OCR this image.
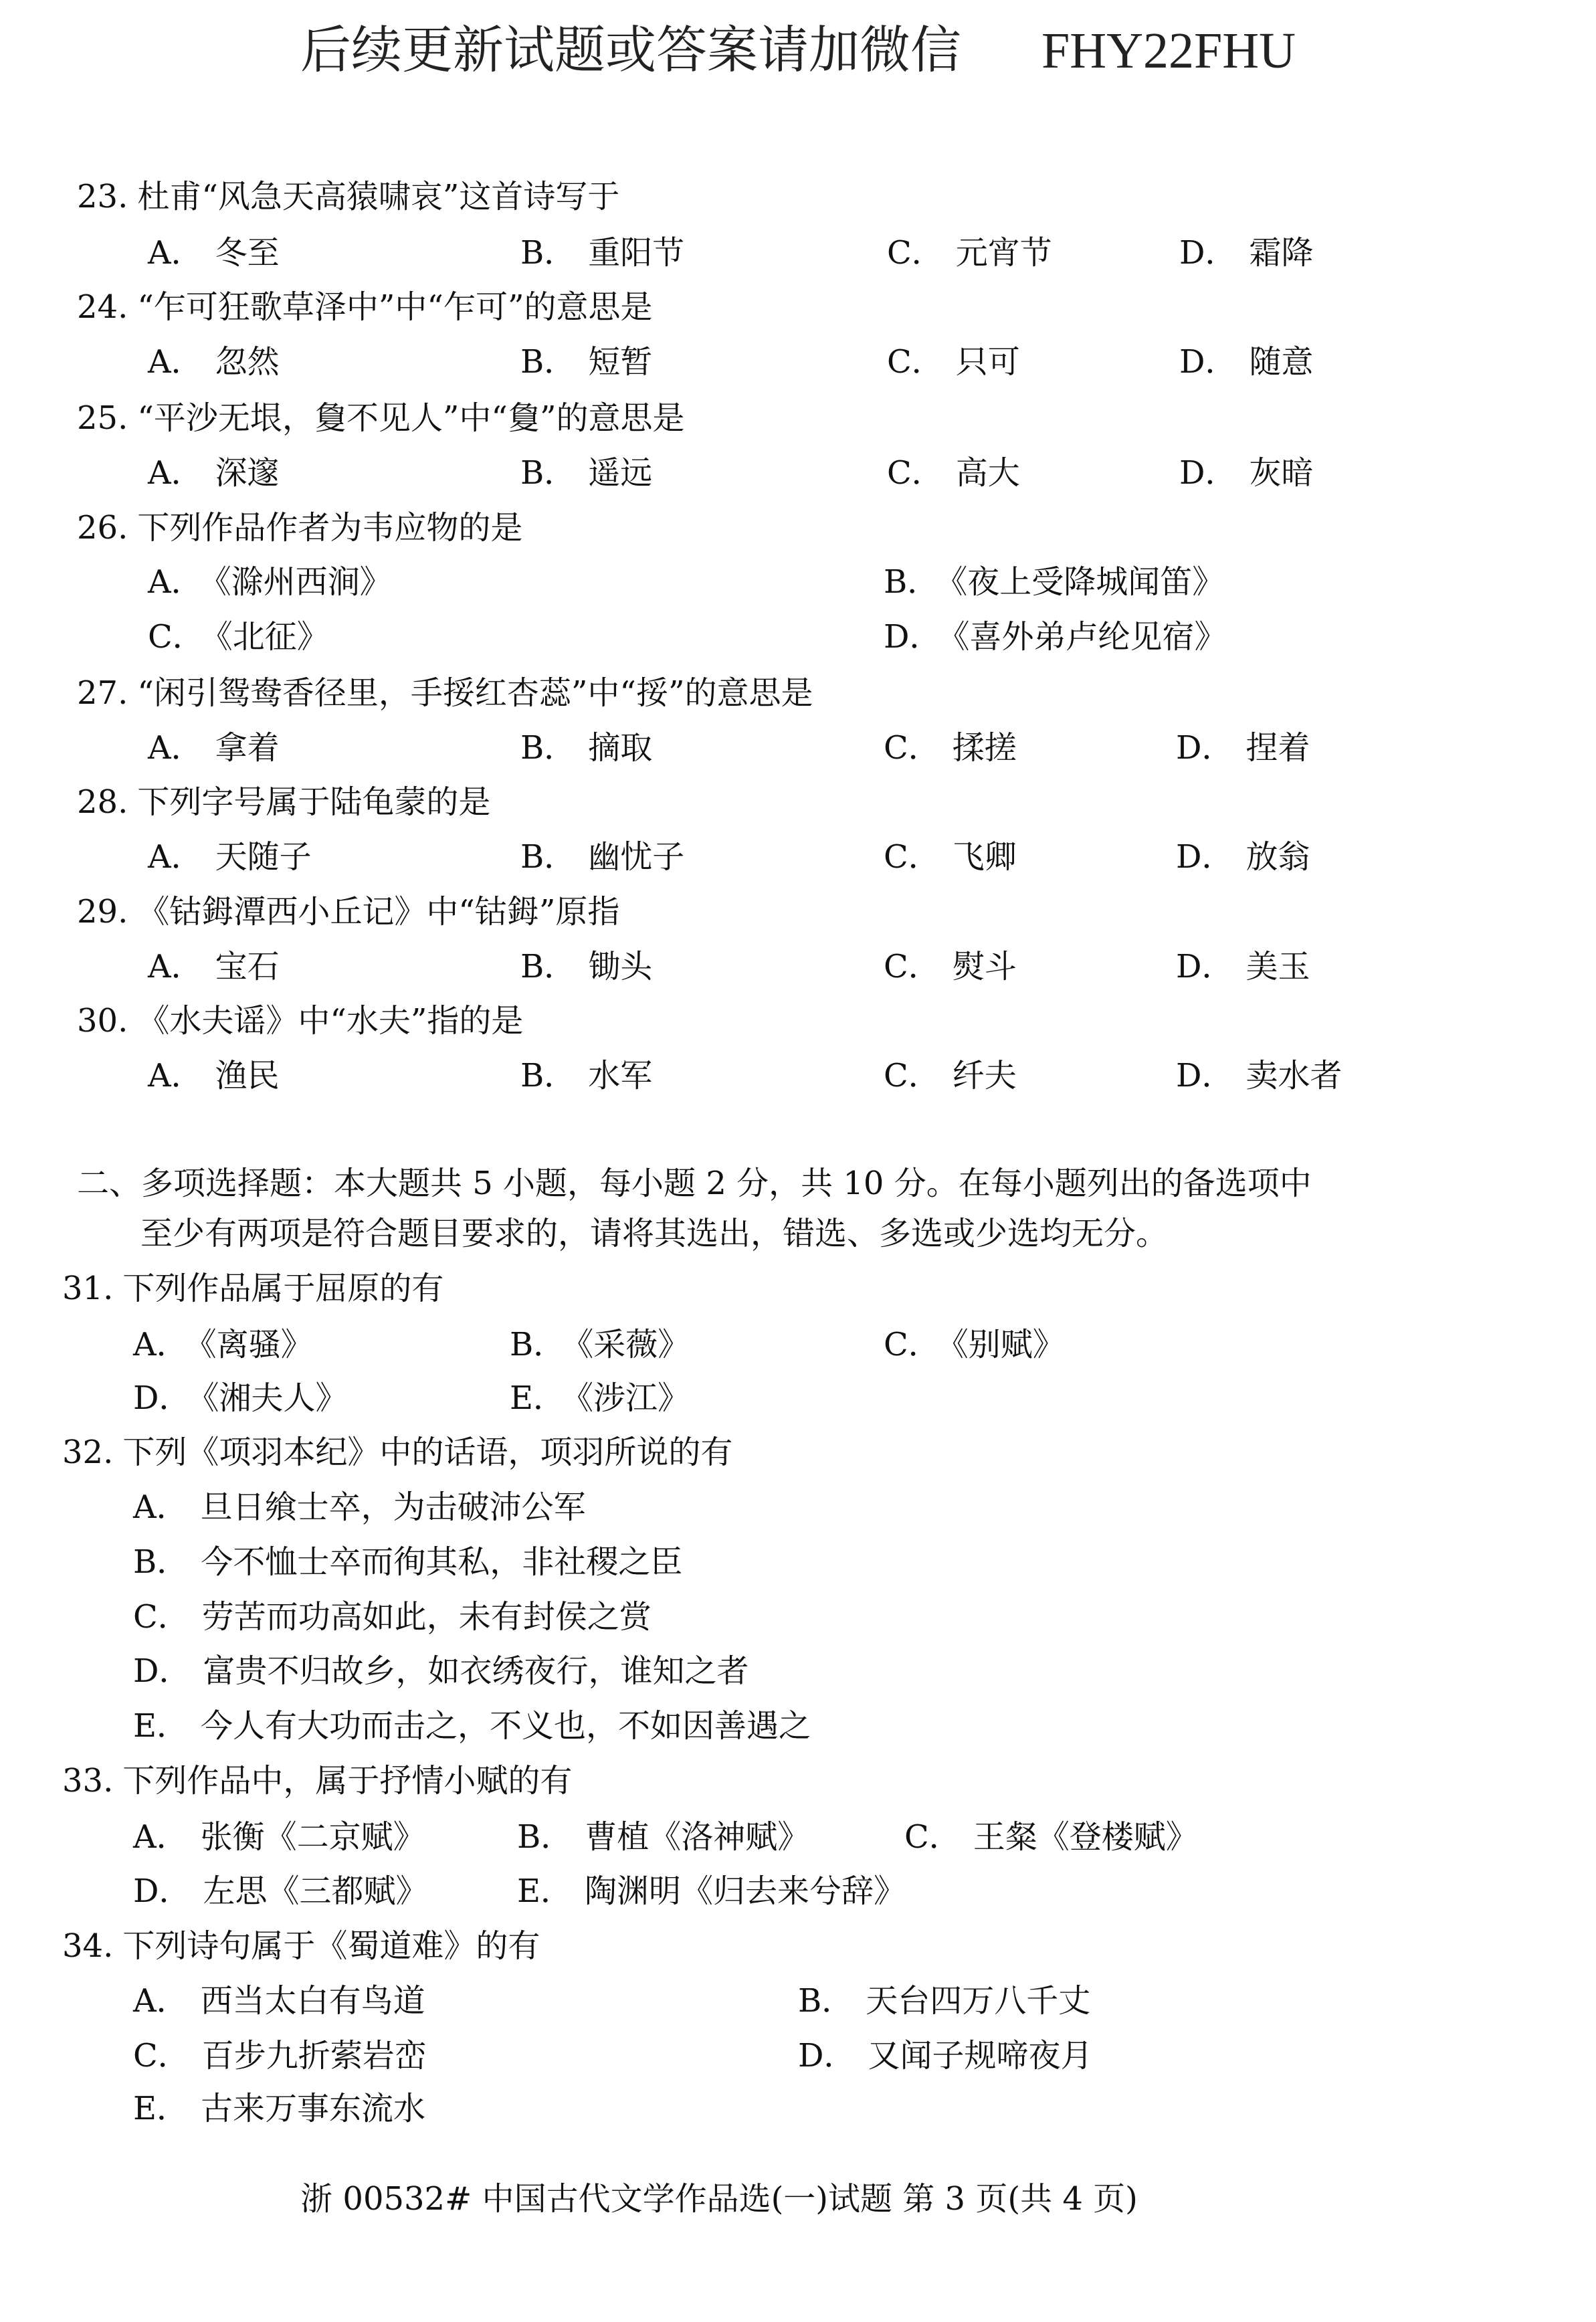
后续更新试题或答案请加微信 FHY22FHU
23. 杜甫“风急天高猿啸哀”这首诗写于
A． 冬至	B． 重阳节	C． 元宵节	D． 霜降
24. “乍可狂歌草泽中”中“乍可”的意思是
A． 忽然	B． 短暂	C． 只可	D． 随意
25. “平沙无垠，敻不见人”中“敻”的意思是
A． 深邃	B． 遥远	C． 高大	D． 灰暗
26. 下列作品作者为韦应物的是
A． 《滁州西涧》	B． 《夜上受降城闻笛》
C． 《北征》	D． 《喜外弟卢纶见宿》
27. “闲引鸳鸯香径里，手挼红杏蕊”中“挼”的意思是
A． 拿着	B． 摘取	C． 揉搓	D． 捏着
28. 下列字号属于陆龟蒙的是
A． 天随子	B． 幽忧子	C． 飞卿	D． 放翁
29. 《钴鉧潭西小丘记》中“钴鉧”原指
A． 宝石	B． 锄头	C． 熨斗	D． 美玉
30. 《水夫谣》中“水夫”指的是
A． 渔民	B． 水军	C． 纤夫	D． 卖水者
31. 下列作品属于屈原的有
A． 《离骚》	B． 《采薇》	C． 《别赋》
D． 《湘夫人》	E． 《涉江》
32. 下列《项羽本纪》中的话语，项羽所说的有
A． 旦日飨士卒，为击破沛公军
B． 今不恤士卒而徇其私，非社稷之臣
C． 劳苦而功高如此，未有封侯之赏
D． 富贵不归故乡，如衣绣夜行，谁知之者
E． 今人有大功而击之，不义也，不如因善遇之
33. 下列作品中，属于抒情小赋的有
A． 张衡《二京赋》	B． 曹植《洛神赋》	C． 王粲《登楼赋》
D． 左思《三都赋》	E． 陶渊明《归去来兮辞》
34. 下列诗句属于《蜀道难》的有
A． 西当太白有鸟道	B． 天台四万八千丈
C． 百步九折萦岩峦	D． 又闻子规啼夜月
E． 古来万事东流水
二、多项选择题：本大题共 5 小题，每小题 2 分，共 10 分。在每小题列出的备选项中
至少有两项是符合题目要求的，请将其选出，错选、多选或少选均无分。
浙 00532# 中国古代文学作品选(一)试题 第 3 页(共 4 页)
